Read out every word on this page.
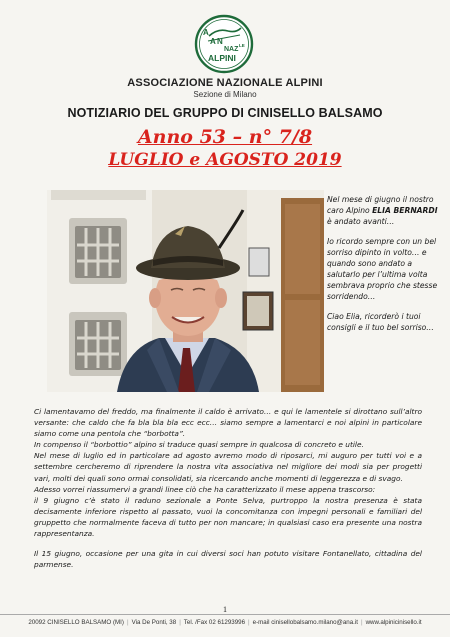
A
N
A
NAZ
LE
ALPINI
ASSOCIAZIONE NAZIONALE ALPINI
Sezione di Milano
NOTIZIARIO DEL GRUPPO DI CINISELLO BALSAMO
Anno 53 – n° 7/8
LUGLIO e AGOSTO 2019

Nel mese di giugno il nostro caro Alpino ELIA BERNARDI è andato avanti…

Io ricordo sempre con un bel sorriso dipinto in volto… e quando sono andato a salutarlo per l’ultima volta sembrava proprio che stesse sorridendo…

Ciao Elia, ricorderò i tuoi consigli e il tuo bel sorriso…

Ci lamentavamo del freddo, ma finalmente il caldo è arrivato… e qui le lamentele si dirottano sull’altro versante: che caldo che fa bla bla bla ecc ecc… siamo sempre a lamentarci e noi alpini in particolare siamo come una pentola che “borbotta”.

In compenso il “borbottio” alpino si traduce quasi sempre in qualcosa di concreto e utile.

Nel mese di luglio ed in particolare ad agosto avremo modo di riposarci, mi auguro per tutti voi e a settembre cercheremo di riprendere la nostra vita associativa nel migliore dei modi sia per progetti vari, molti dei quali sono ormai consolidati, sia ricercando anche momenti di leggerezza e di svago.

Adesso vorrei riassumervi a grandi linee ciò che ha caratterizzato il mese appena trascorso:

il 9 giugno c’è stato il raduno sezionale a Ponte Selva, purtroppo la nostra presenza è stata decisamente inferiore rispetto al passato, vuoi la concomitanza con impegni personali e familiari del gruppetto che normalmente faceva di tutto per non mancare; in qualsiasi caso era presente una nostra rappresentanza.

Il 15 giugno, occasione per una gita in cui diversi soci han potuto visitare Fontanellato, cittadina del parmense.

1
20092 CINISELLO BALSAMO (MI) | Via De Ponti, 38 | Tel. /Fax 02 61293996 | e-mail cinisellobalsamo.milano@ana.it | www.alpinicinisello.it
